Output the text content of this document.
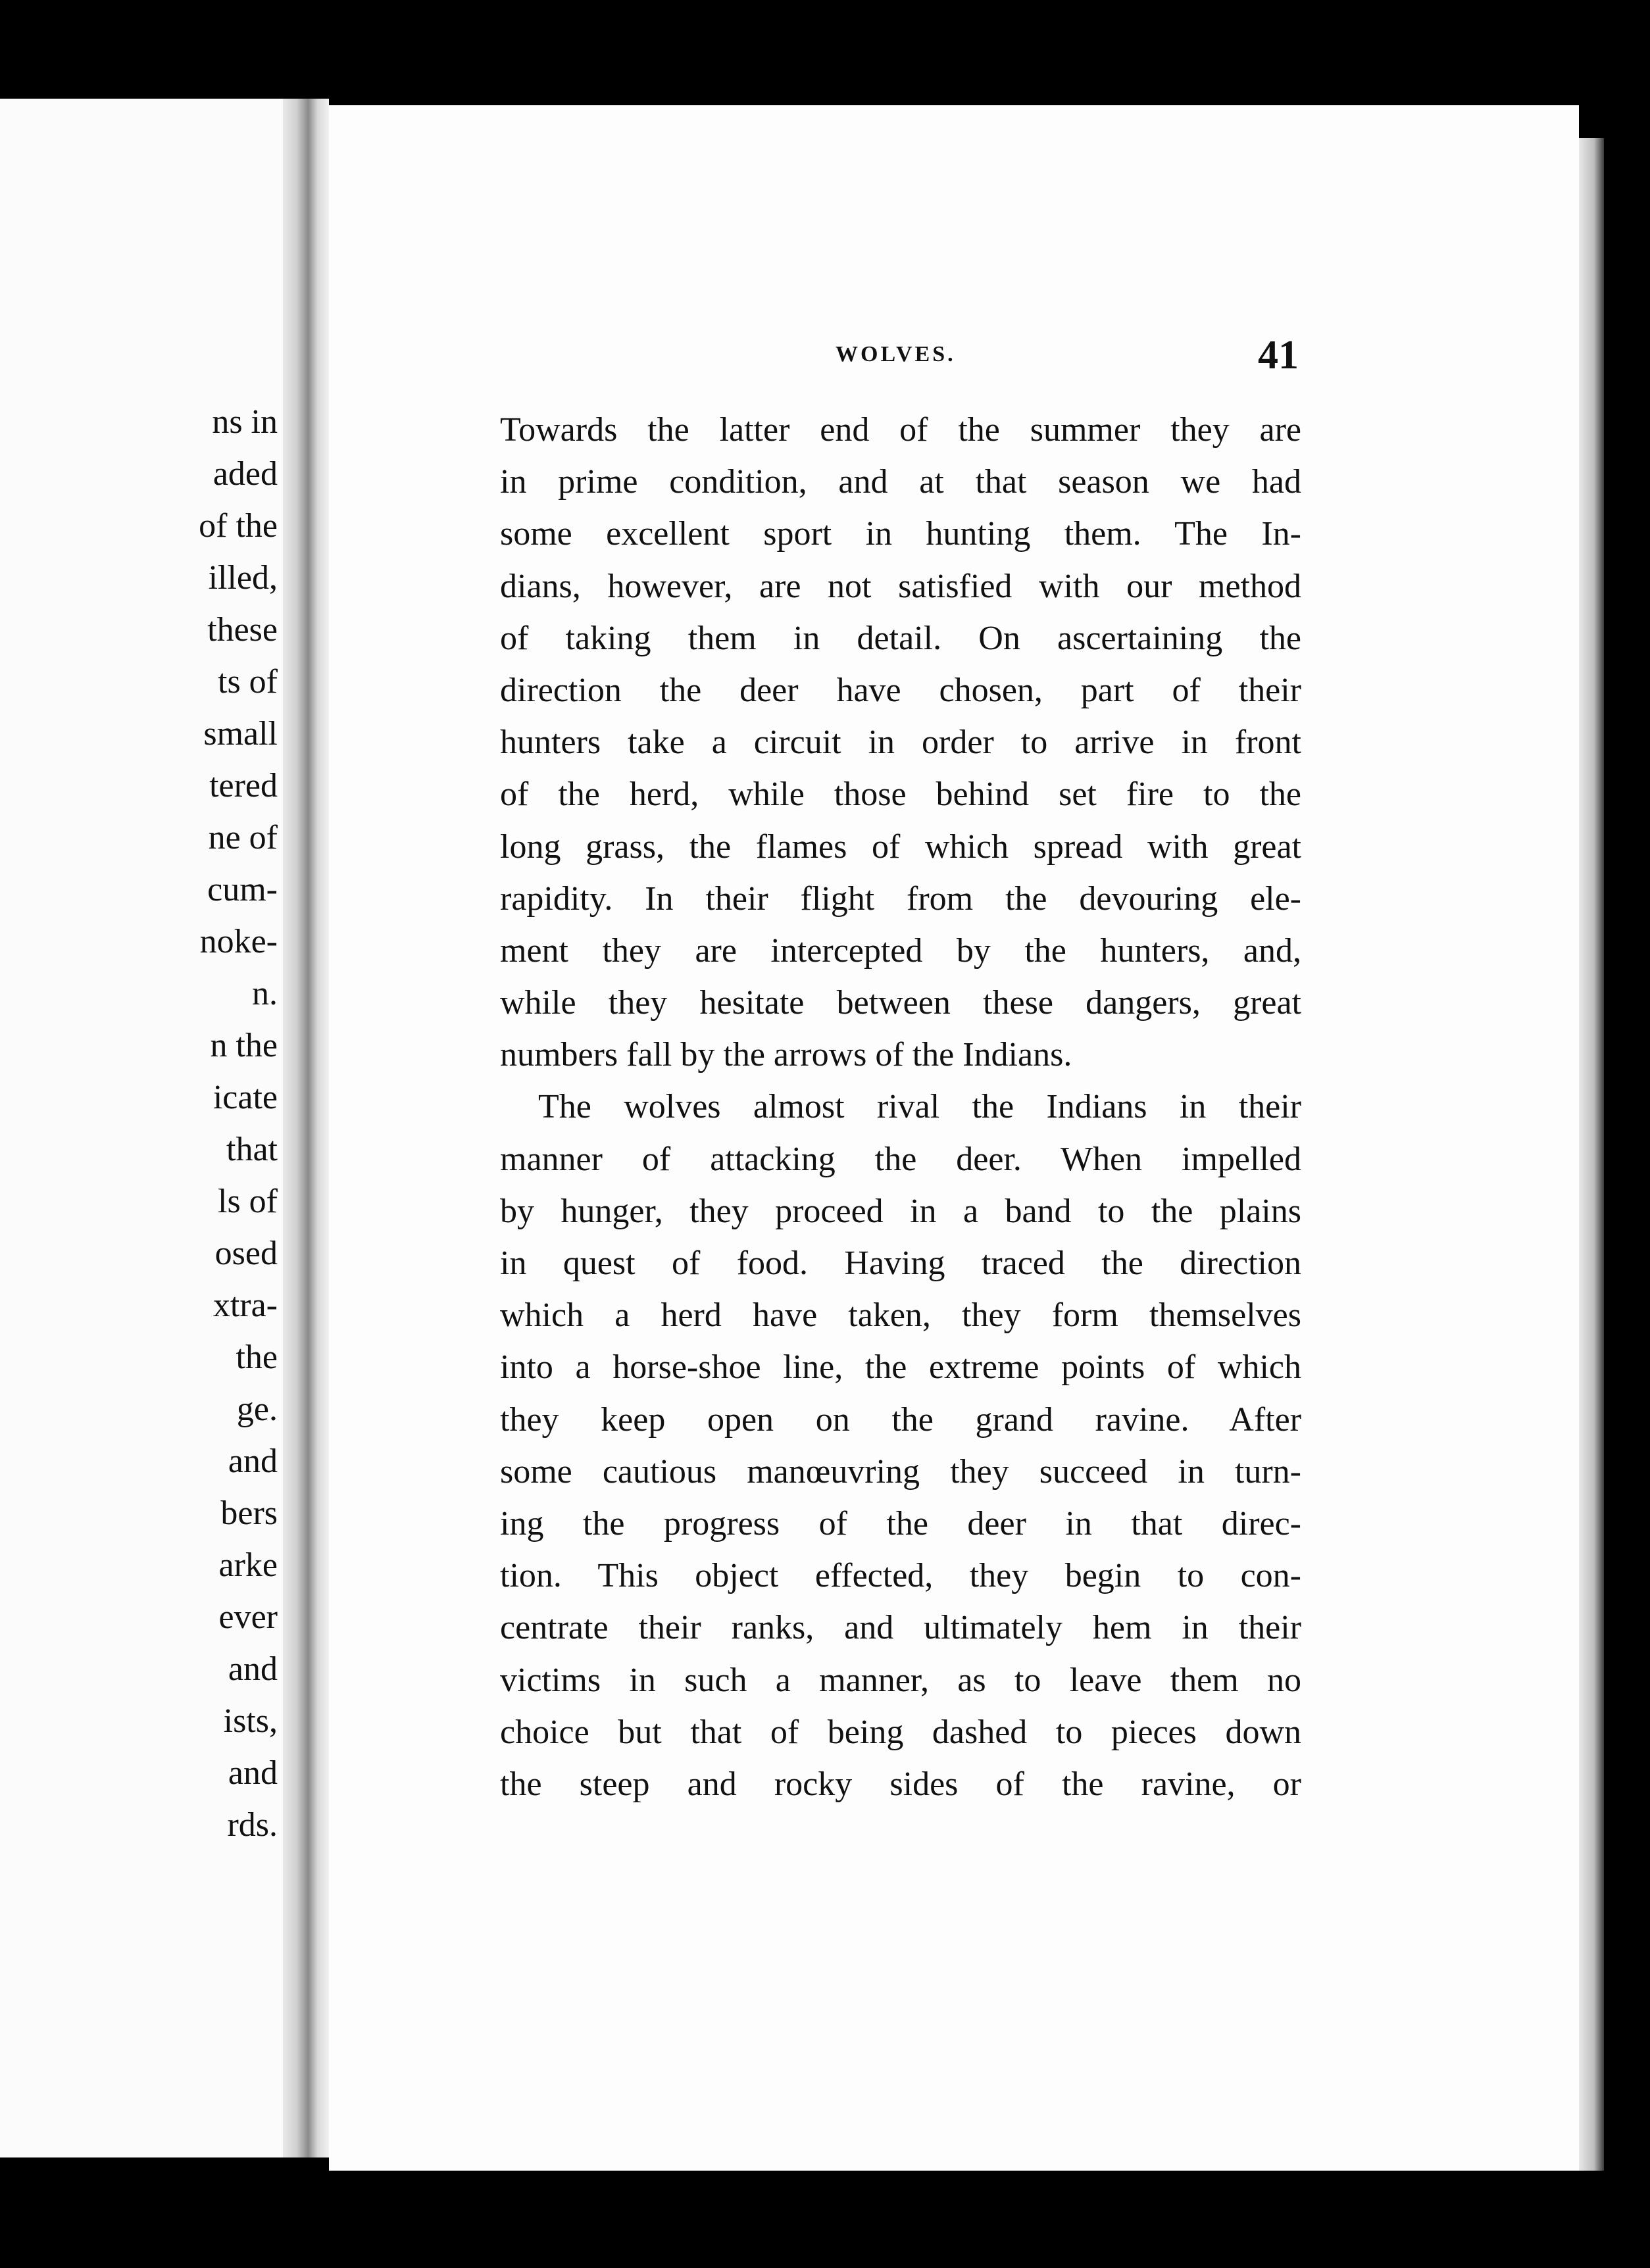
ns in
aded
of the
illed,
these
ts of
small
tered
ne of
cum-
noke-
n.
n the
icate
that
ls of
osed
xtra-
the
ge.
and
bers
arke
ever
and
ists,
and
rds.
WOLVES.	41
Towards the latter end of the summer they are
in prime condition, and at that season we had
some excellent sport in hunting them. The In-
dians, however, are not satisfied with our method
of taking them in detail. On ascertaining the
direction the deer have chosen, part of their
hunters take a circuit in order to arrive in front
of the herd, while those behind set fire to the
long grass, the flames of which spread with great
rapidity. In their flight from the devouring ele-
ment they are intercepted by the hunters, and,
while they hesitate between these dangers, great
numbers fall by the arrows of the Indians.
The wolves almost rival the Indians in their
manner of attacking the deer. When impelled
by hunger, they proceed in a band to the plains
in quest of food. Having traced the direction
which a herd have taken, they form themselves
into a horse-shoe line, the extreme points of which
they keep open on the grand ravine. After
some cautious manœuvring they succeed in turn-
ing the progress of the deer in that direc-
tion. This object effected, they begin to con-
centrate their ranks, and ultimately hem in their
victims in such a manner, as to leave them no
choice but that of being dashed to pieces down
the steep and rocky sides of the ravine, or
